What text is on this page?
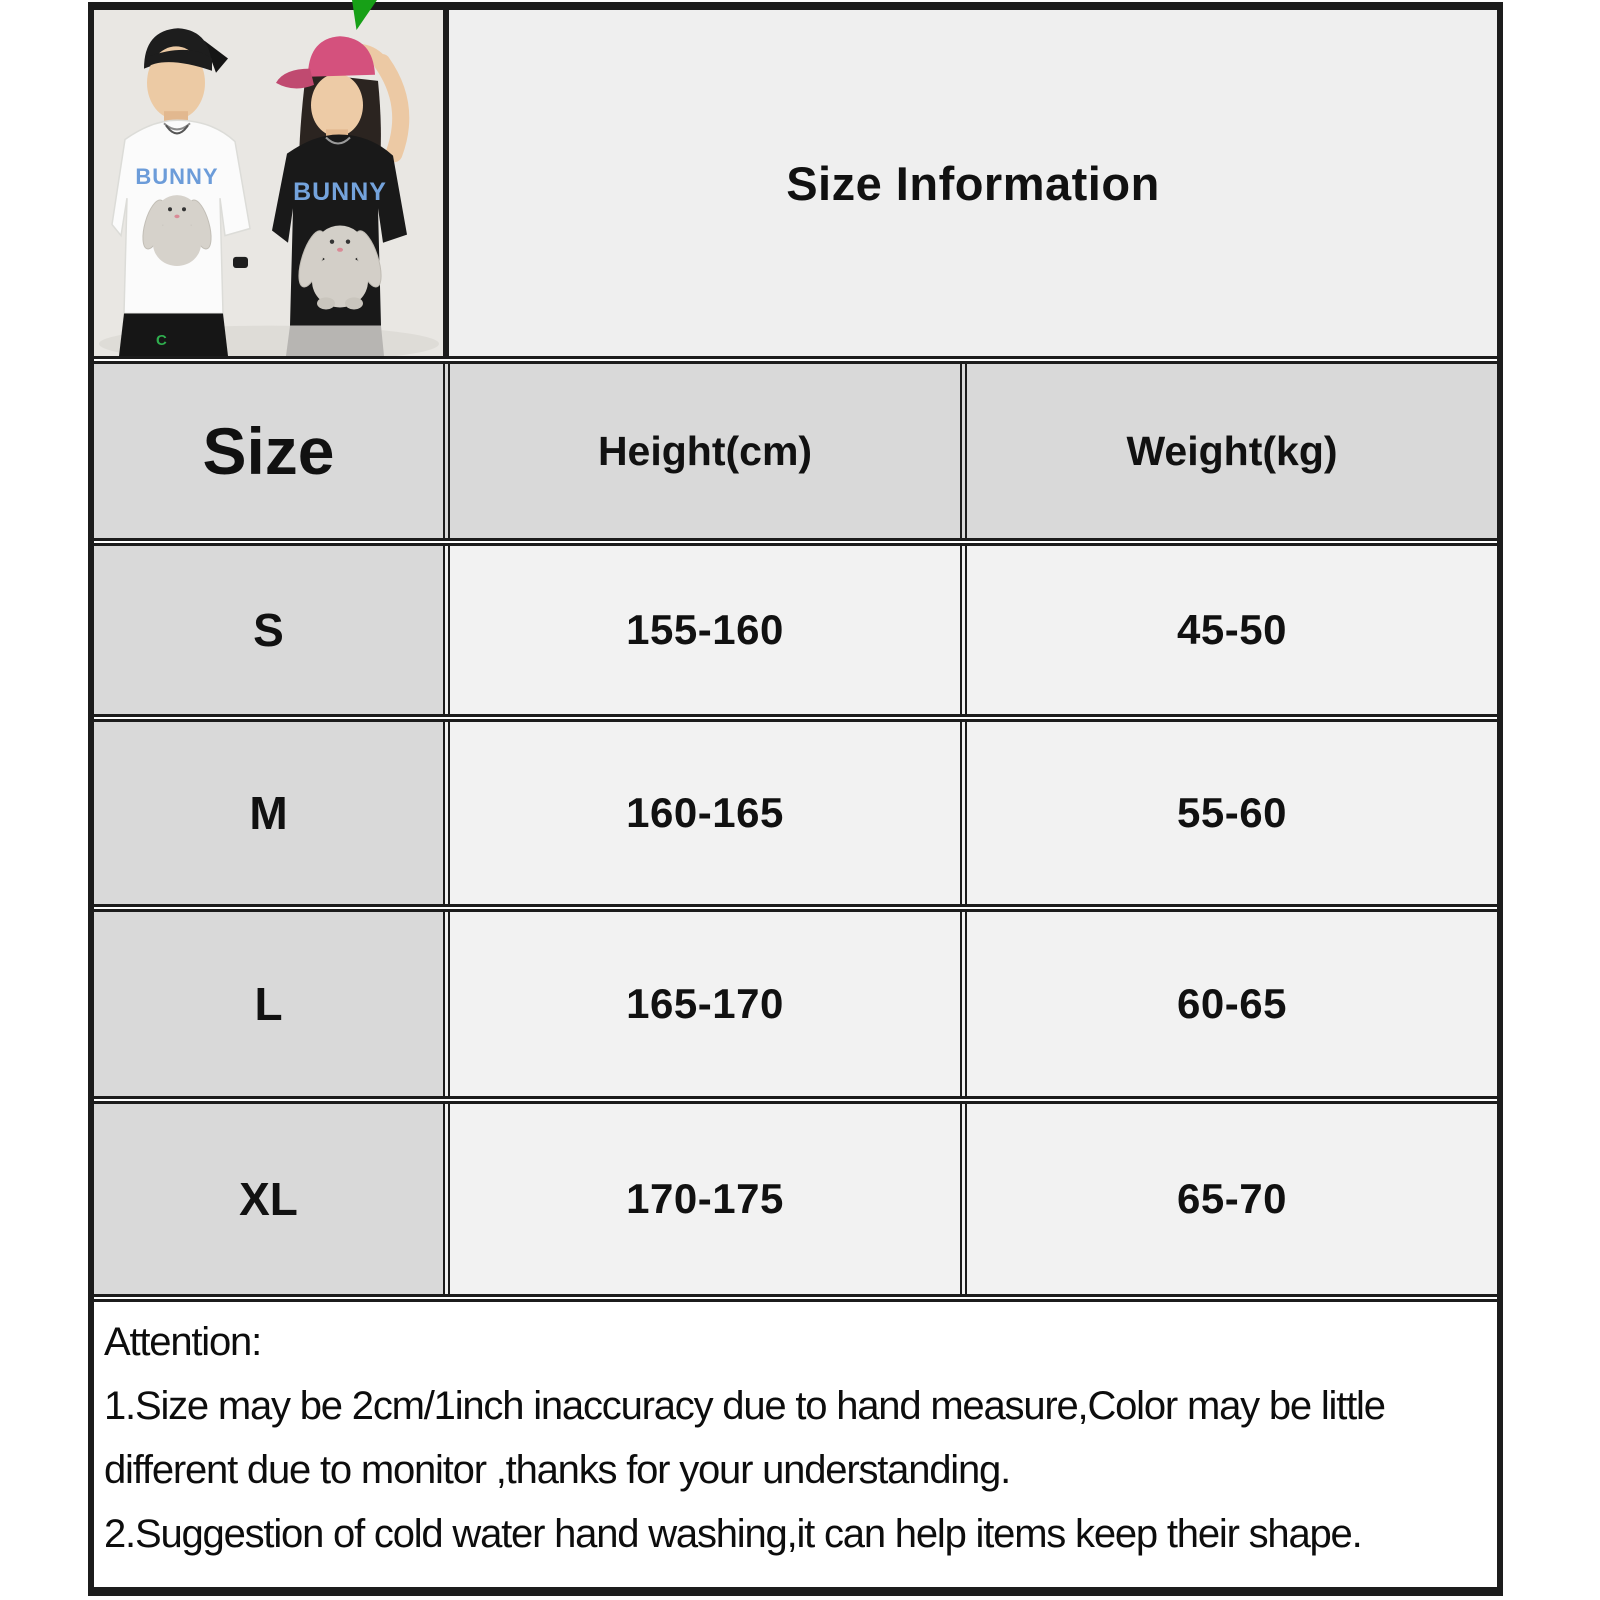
BUNNY
C
BUNNY	Size Information
Size	Height(cm)	Weight(kg)
S	155-160	45-50
M	160-165	55-60
L	165-170	60-65
XL	170-175	65-70

Attention:

1.Size may be 2cm/1inch inaccuracy due to hand measure,Color may be little different due to monitor ,thanks for your understanding.

2.Suggestion of cold water hand washing,it can help items keep their shape.
